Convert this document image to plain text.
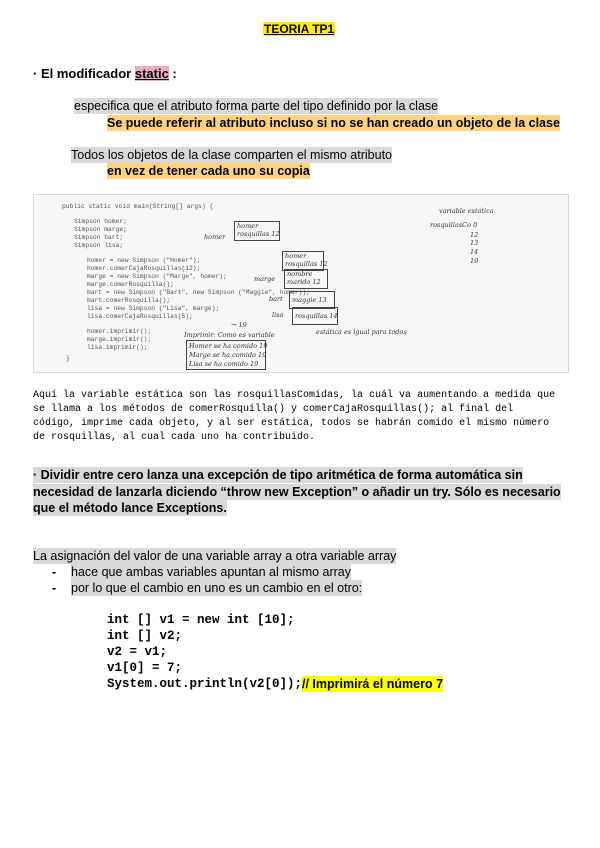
TEORIA TP1
· El modificador static :
especifica que el atributo forma parte del tipo definido por la clase
Se puede referir al atributo incluso si no se han creado un objeto de la clase
Todos los objetos de la clase comparten el mismo atributo
en vez de tener cada uno su copia
public static void main(String[] args) {
Simpson homer;
Simpson marge;
Simpson bart;
Simpson lisa;
homer = new Simpson ("Homer");
homer.comerCajaRosquillas(12);
marge = new Simpson ("Marge", homer);
marge.comerRosquilla();
bart = new Simpson ("Bart", new Simpson ("Maggie", homer));
bart.comerRosquilla();
lisa = new Simpson ("Lisa", marge);
lisa.comerCajaRosquillas(5);
homer.imprimir();
marge.imprimir();
lisa.imprimir();
}
variable estática
rosquillasCo 0
12
13
14
19
homer
rosquillas 12
homer
homer
rosquillas 12
nombre
marido 12
marge
bart maggie 13
lisa rosquillas 14
→ 19
Imprimir: Como es variable	estática es igual para todos
Homer se ha comido 19
Marge se ha comido 19
Lisa se ha comido 19
Aquí la variable estática son las rosquillasComidas, la cuál va aumentando a medida que
se llama a los métodos de comerRosquilla() y comerCajaRosquillas(); al final del
código, imprime cada objeto, y al ser estática, todos se habrán comido el mismo número
de rosquillas, al cual cada uno ha contribuido.
· Dividir entre cero lanza una excepción de tipo aritmética de forma automática sin
necesidad de lanzarla diciendo “throw new Exception” o añadir un try. Sólo es necesario
que el método lance Exceptions.
La asignación del valor de una variable array a otra variable array
- hace que ambas variables apuntan al mismo array
- por lo que el cambio en uno es un cambio en el otro:
int [] v1 = new int [10];
int [] v2;
v2 = v1;
v1[0] = 7;
System.out.println(v2[0]); // Imprimirá el número 7
